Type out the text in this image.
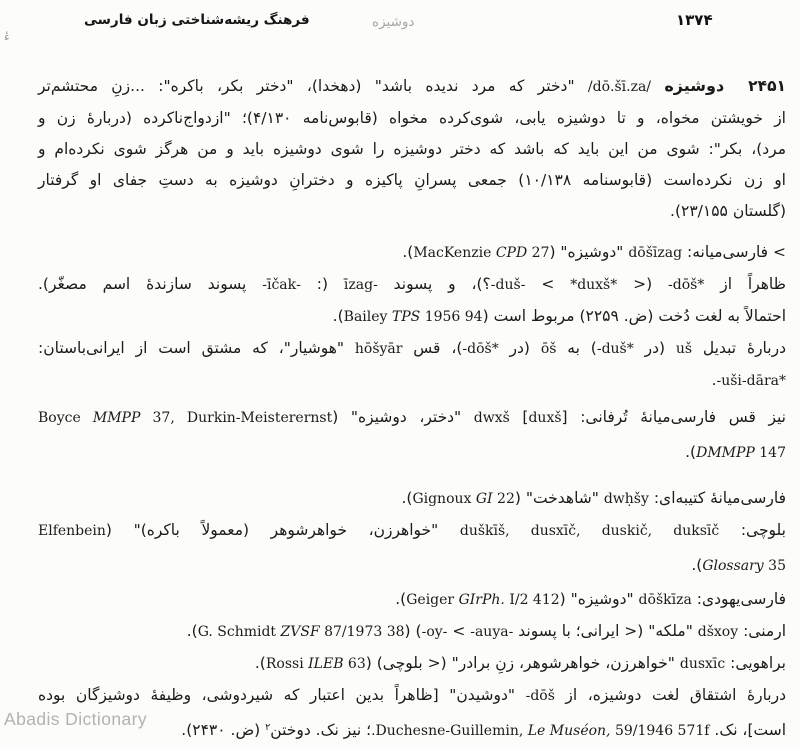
فرهنگ ریشه‌شناختی زبان فارسی	دوشیزه	۱۳۷۴
ءٔ
۲۴۵۱دوشیزه /dō.šī.za/ "دختر که مرد ندیده باشد" (دهخدا)، "دختر بکر، باکره": ...زنِ محتشم‌تر
از خویشتن مخواه، و تا دوشیزه یابی، شوی‌کرده مخواه (قابوس‌نامه ۴/۱۳۰)؛ "ازدواج‌ناکرده (دربارهٔ زن و
مرد)، بکر": شوی من این باید که باشد که دختر دوشیزه را شوی دوشیزه باید و من هرگز شوی نکرده‌ام و
او زن نکرده‌است (قابوسنامه ۱۰/۱۳۸) جمعی پسرانِ پاکیزه و دخترانِ دوشیزه به دستِ جفای او گرفتار
(گلستان ۲۳/۱۵۵).
> فارسی‌میانه: dōšīzag "دوشیزه" (MacKenzie CPD 27).
ظاهراً از *dōš- (< *duš- < *duxš-؟)، و پسوند -īzag (: -īčak- پسوند سازندهٔ اسم مصغّر).
احتمالاً به لغت دُخت (ض. ۲۲۵۹) مربوط است (Bailey TPS 1956 94).
دربارهٔ تبدیل uš (در *duš-) به ōš (در *dōš-)، قس hōšyār "هوشیار"، که مشتق است از ایرانی‌باستان:
*uši-dāra-.
نیز قس فارسی‌میانهٔ تُرفانی: dwxš [duxš] "دختر، دوشیزه" (Boyce MMPP 37, Durkin-Meisterernst
DMMPP 147).
فارسی‌میانهٔ کتیبه‌ای: dwḥšy "شاهدخت" (Gignoux GI 22).
بلوچی: duškīš, dusxīč, duskič, duksīč "خواهرزن، خواهرشوهر (معمولاً باکره)" (Elfenbein
Glossary 35).
فارسی‌یهودی: dōškīza "دوشیزه" (Geiger GIrPh. I/2 412).
ارمنی: dšxoy "ملکه" (< ایرانی؛ با پسوند -oy- < -auya-) (G. Schmidt ZVSF 87/1973 38).
براهویی: dusxīc "خواهرزن، خواهرشوهر، زنِ برادر" (< بلوچی) (Rossi ILEB 63).
دربارهٔ اشتقاق لغت دوشیزه، از dōš- "دوشیدن" [ظاهراً بدین اعتبار که شیردوشی، وظیفهٔ دوشیزگان بوده
است]، نک. Duchesne-Guillemin, Le Muséon, 59/1946 571f.؛ نیز نک. دوختن$^۲$ (ض. ۲۴۳۰).
Abadis Dictionary
